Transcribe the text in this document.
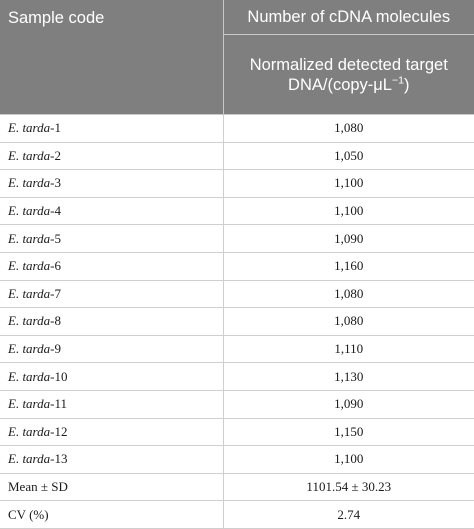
Sample code	Number of cDNA molecules
	Normalized detected target
DNA/$(copy-\mu L^{-1})$
E. tarda-1	1,080
E. tarda-2	1,050
E. tarda-3	1,100
E. tarda-4	1,100
E. tarda-5	1,090
E. tarda-6	1,160
E. tarda-7	1,080
E. tarda-8	1,080
E. tarda-9	1,110
E. tarda-10	1,130
E. tarda-11	1,090
E. tarda-12	1,150
E. tarda-13	1,100
Mean ± SD	1101.54 ± 30.23
CV (%)	2.74
